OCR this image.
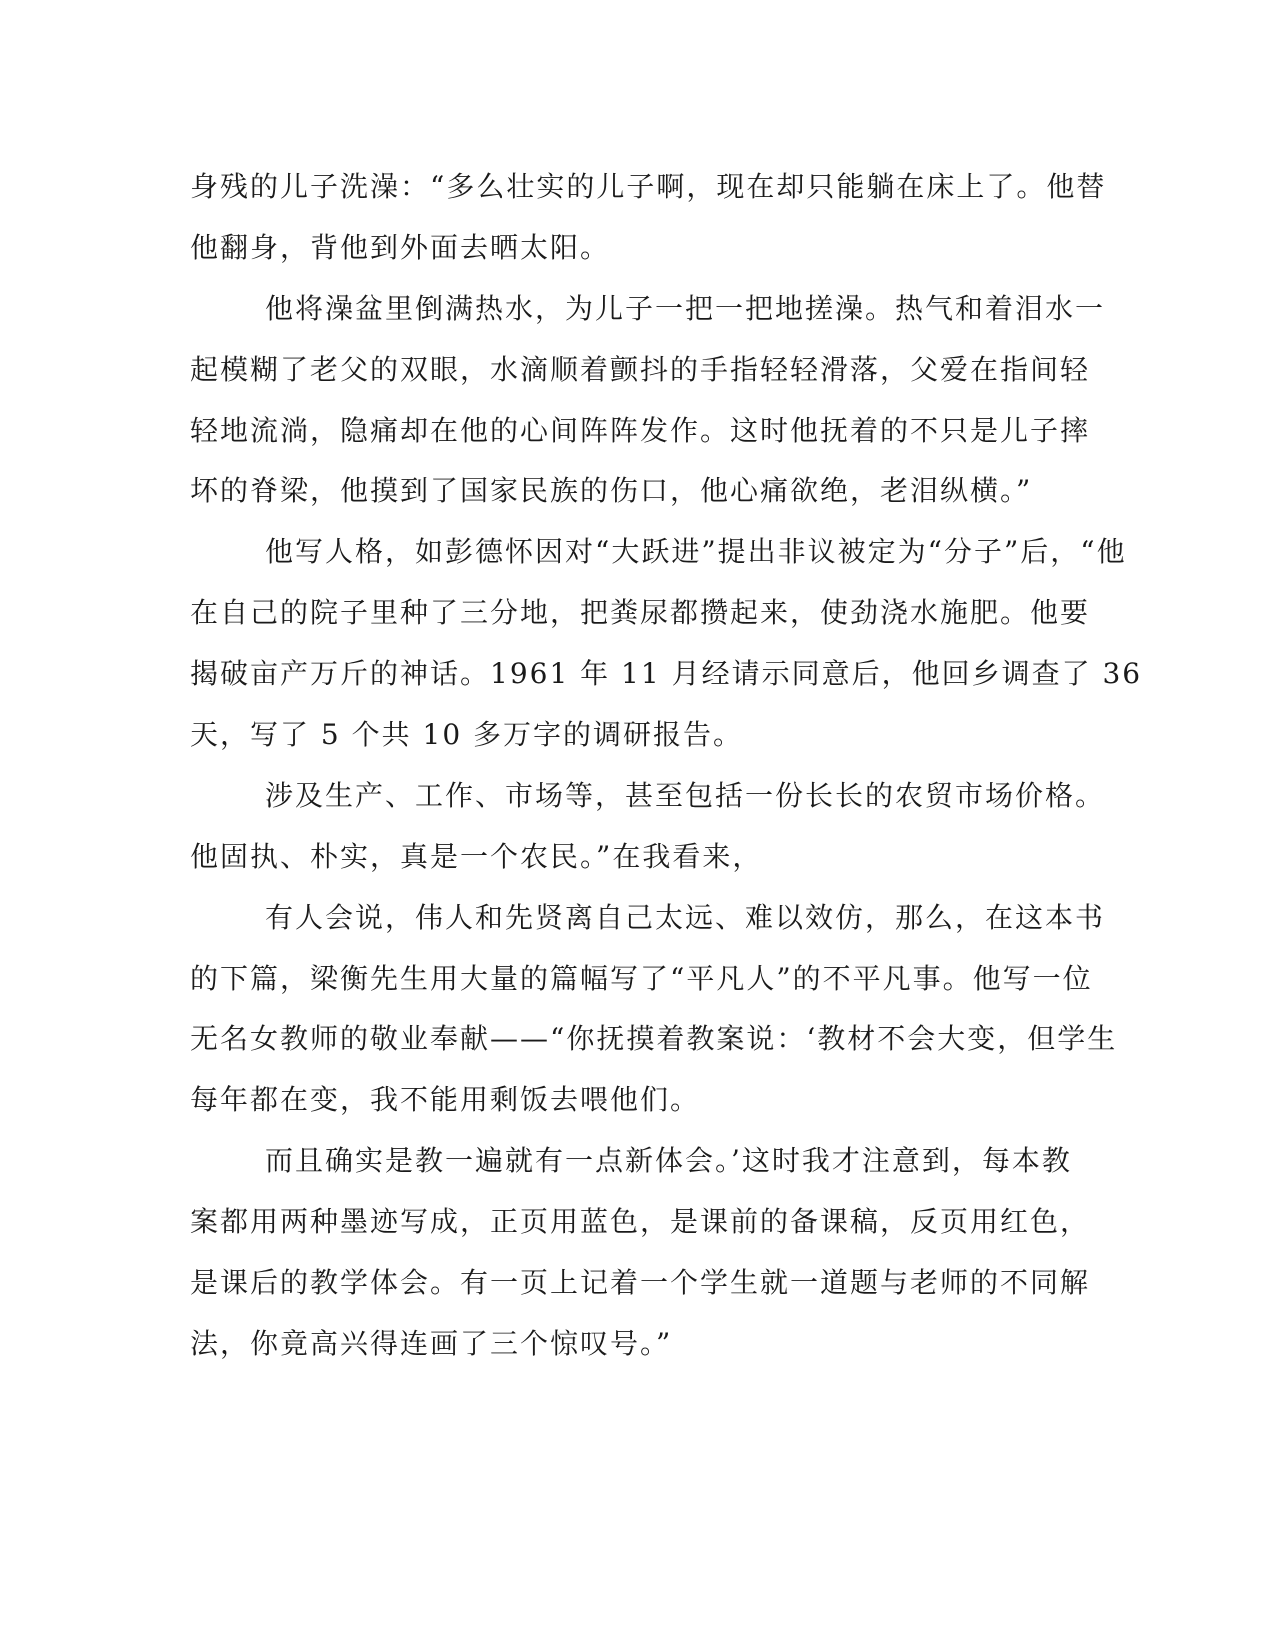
身残的儿子洗澡：“多么壮实的儿子啊，现在却只能躺在床上了。他替
他翻身，背他到外面去晒太阳。
他将澡盆里倒满热水，为儿子一把一把地搓澡。热气和着泪水一
起模糊了老父的双眼，水滴顺着颤抖的手指轻轻滑落，父爱在指间轻
轻地流淌，隐痛却在他的心间阵阵发作。这时他抚着的不只是儿子摔
坏的脊梁，他摸到了国家民族的伤口，他心痛欲绝，老泪纵横。”
他写人格，如彭德怀因对“大跃进”提出非议被定为“分子”后，“他
在自己的院子里种了三分地，把粪尿都攒起来，使劲浇水施肥。他要
揭破亩产万斤的神话。1961 年 11 月经请示同意后，他回乡调查了 36
天，写了 5 个共 10 多万字的调研报告。
涉及生产、工作、市场等，甚至包括一份长长的农贸市场价格。
他固执、朴实，真是一个农民。”在我看来，
有人会说，伟人和先贤离自己太远、难以效仿，那么，在这本书
的下篇，梁衡先生用大量的篇幅写了“平凡人”的不平凡事。他写一位
无名女教师的敬业奉献——“你抚摸着教案说：‘教材不会大变，但学生
每年都在变，我不能用剩饭去喂他们。
而且确实是教一遍就有一点新体会。’这时我才注意到，每本教
案都用两种墨迹写成，正页用蓝色，是课前的备课稿，反页用红色，
是课后的教学体会。有一页上记着一个学生就一道题与老师的不同解
法，你竟高兴得连画了三个惊叹号。”
